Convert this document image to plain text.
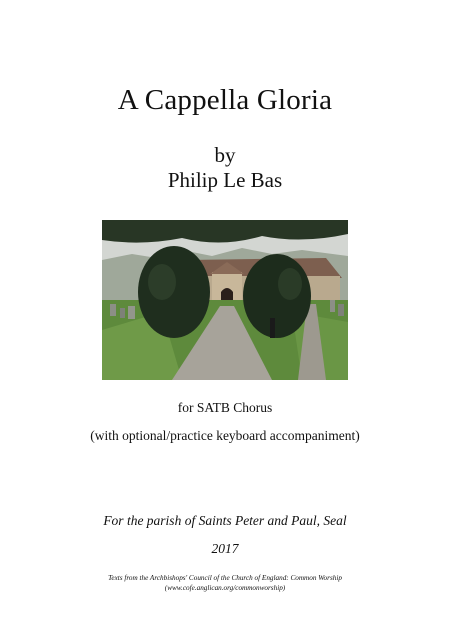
A Cappella Gloria
by
Philip Le Bas
for SATB Chorus
(with optional/practice keyboard accompaniment)
For the parish of Saints Peter and Paul, Seal
2017
Texts from the Archbishops' Council of the Church of England: Common Worship
(www.cofe.anglican.org/commonworship)
